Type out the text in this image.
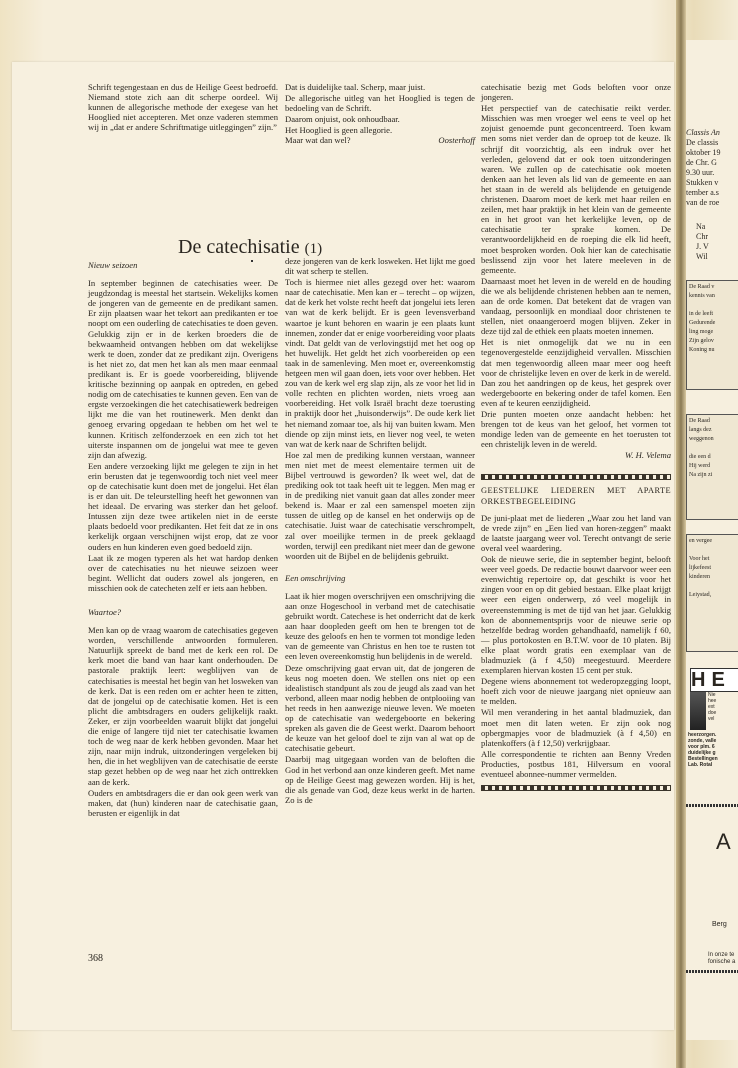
Schrift tegengestaan en dus de Heilige Geest bedroefd. Niemand stote zich aan dit scherpe oordeel. Wij kunnen de allegorische methode der exegese van het Hooglied niet accepteren. Met onze vaderen stemmen wij in „dat er andere Schriftmatige uitleggingen” zijn.”

Dat is duidelijke taal. Scherp, maar juist.

De allegorische uitleg van het Hooglied is tegen de bedoeling van de Schrift.

Daarom onjuist, ook onhoudbaar.

Het Hooglied is geen allegorie.

Maar wat dan wel?	Oosterhoff

De catechisatie (1)

Nieuw seizoen

In september beginnen de catechisaties weer. De jeugdzondag is meestal het startsein. Wekelijks komen de jongeren van de gemeente en de predikant samen. Er zijn plaatsen waar het tekort aan predikanten er toe noopt om een ouderling de catechisaties te doen geven. Gelukkig zijn er in de kerken broeders die de bekwaamheid ontvangen hebben om dat wekelijkse werk te doen, zonder dat ze predikant zijn. Overigens is het niet zo, dat men het kan als men maar eenmaal predikant is. Er is goede voorbereiding, blijvende kritische bezinning op aanpak en optreden, en gebed nodig om de catechisaties te kunnen geven. Een van de ergste verzoekingen die het catechisatiewerk bedreigen lijkt me die van het routinewerk. Men denkt dan genoeg ervaring opgedaan te hebben om het wel te kunnen. Kritisch zelfonderzoek en een zich tot het uiterste inspannen om de jongelui wat mee te geven zijn dan afwezig.

Een andere verzoeking lijkt me gelegen te zijn in het erin berusten dat je tegenwoordig toch niet veel meer op de catechisatie kunt doen met de jongelui. Het élan is er dan uit. De teleurstelling heeft het gewonnen van het ideaal. De ervaring was sterker dan het geloof. Intussen zijn deze twee artikelen niet in de eerste plaats bedoeld voor predikanten. Het feit dat ze in ons kerkelijk orgaan verschijnen wijst erop, dat ze voor ouders en hun kinderen even goed bedoeld zijn.

Laat ik ze mogen typeren als het wat hardop denken over de catechisaties nu het nieuwe seizoen weer begint. Wellicht dat ouders zowel als jongeren, en misschien ook de catecheten zelf er iets aan hebben.

Waartoe?

Men kan op de vraag waarom de catechisaties gegeven worden, verschillende antwoorden formuleren. Natuurlijk spreekt de band met de kerk een rol. De kerk moet die band van haar kant onderhouden. De pastorale praktijk leert: wegblijven van de catechisaties is meestal het begin van het losweken van de kerk. Dat is een reden om er achter heen te zitten, dat de jongelui op de catechisatie komen. Het is een plicht die ambtsdragers en ouders gelijkelijk raakt. Zeker, er zijn voorbeelden waaruit blijkt dat jongelui die enige of langere tijd niet ter catechisatie kwamen toch de weg naar de kerk hebben gevonden. Maar het zijn, naar mijn indruk, uitzonderingen vergeleken bij hen, die in het wegblijven van de catechisatie de eerste stap gezet hebben op de weg naar het zich onttrekken aan de kerk.

Ouders en ambtsdragers die er dan ook geen werk van maken, dat (hun) kinderen naar de catechisatie gaan, berusten er eigenlijk in dat

deze jongeren van de kerk losweken. Het lijkt me goed dit wat scherp te stellen.

Toch is hiermee niet alles gezegd over het: waarom naar de catechisatie. Men kan er – terecht – op wijzen, dat de kerk het volste recht heeft dat jongelui iets leren van wat de kerk belijdt. Er is geen levensverband waartoe je kunt behoren en waarin je een plaats kunt innemen, zonder dat er enige voorbereiding voor plaats vindt. Dat geldt van de verlovingstijd met het oog op het huwelijk. Het geldt het zich voorbereiden op een taak in de samenleving. Men moet er, overeenkomstig hetgeen men wil gaan doen, iets voor over hebben. Het zou van de kerk wel erg slap zijn, als ze voor het lid in volle rechten en plichten worden, niets vroeg aan voorbereiding. Het volk Israël bracht deze toerusting in praktijk door het „huisonderwijs”. De oude kerk liet het niemand zomaar toe, als hij van buiten kwam. Men diende op zijn minst iets, en liever nog veel, te weten van wat de kerk naar de Schriften belijdt.

Hoe zal men de prediking kunnen verstaan, wanneer men niet met de meest elementaire termen uit de Bijbel vertrouwd is geworden? Ik weet wel, dat de prediking ook tot taak heeft uit te leggen. Men mag er in de prediking niet vanuit gaan dat alles zonder meer bekend is. Maar er zal een samenspel moeten zijn tussen de uitleg op de kansel en het onderwijs op de catechisatie. Juist waar de catechisatie verschrompelt, zal over moeilijke termen in de preek geklaagd worden, terwijl een predikant niet meer dan de gewone woorden uit de Bijbel en de belijdenis gebruikt.

Een omschrijving

Laat ik hier mogen overschrijven een omschrijving die aan onze Hogeschool in verband met de catechisatie gebruikt wordt. Catechese is het onderricht dat de kerk aan haar doopleden geeft om hen te brengen tot de keuze des geloofs en hen te vormen tot mondige leden van de gemeente van Christus en hen toe te rusten tot een leven overeenkomstig hun belijdenis in de wereld.

Deze omschrijving gaat ervan uit, dat de jongeren de keus nog moeten doen. We stellen ons niet op een idealistisch standpunt als zou de jeugd als zaad van het verbond, alleen maar nodig hebben de ontplooiing van het reeds in hen aanwezige nieuwe leven. We moeten op de catechisatie van wedergeboorte en bekering spreken als gaven die de Geest werkt. Daarom behoort de keuze van het geloof doel te zijn van al wat op de catechisatie gebeurt.

Daarbij mag uitgegaan worden van de beloften die God in het verbond aan onze kinderen geeft. Met name op de Heilige Geest mag gewezen worden. Hij is het, die als genade van God, deze keus werkt in de harten. Zo is de

catechisatie bezig met Gods beloften voor onze jongeren.

Het perspectief van de catechisatie reikt verder. Misschien was men vroeger wel eens te veel op het zojuist genoemde punt geconcentreerd. Toen kwam men soms niet verder dan de oproep tot de keuze. Ik schrijf dit voorzichtig, als een indruk over het verleden, gelovend dat er ook toen uitzonderingen waren. We zullen op de catechisatie ook moeten denken aan het leven als lid van de gemeente en aan het staan in de wereld als belijdende en getuigende christenen. Daarom moet de kerk met haar reilen en zeilen, met haar praktijk in het klein van de gemeente en in het groot van het kerkelijke leven, op de catechisatie ter sprake komen. De verantwoordelijkheid en de roeping die elk lid heeft, moet besproken worden. Ook hier kan de catechisatie beslissend zijn voor het latere meeleven in de gemeente.

Daarnaast moet het leven in de wereld en de houding die we als belijdende christenen hebben aan te nemen, aan de orde komen. Dat betekent dat de vragen van vandaag, persoonlijk en mondiaal door christenen te stellen, niet onaangeroerd mogen blijven. Zeker in deze tijd zal de ethiek een plaats moeten innemen.

Het is niet onmogelijk dat we nu in een tegenovergestelde eenzijdigheid vervallen. Misschien dat men tegenwoordig alleen maar meer oog heeft voor de christelijke leven en over de kerk in de wereld. Dan zou het aandringen op de keus, het gesprek over wedergeboorte en bekering onder de tafel komen. Een even af te keuren eenzijdigheid.

Drie punten moeten onze aandacht hebben: het brengen tot de keus van het geloof, het vormen tot mondige leden van de gemeente en het toerusten tot een christelijk leven in de wereld.

W. H. Velema

GEESTELIJKE LIEDEREN MET APARTE ORKESTBEGELEIDING

De juni-plaat met de liederen „Waar zou het land van de vrede zijn” en „Een lied van horen-zeggen” maakt de laatste jaargang weer vol. Terecht ontvangt de serie overal veel waardering.

Ook de nieuwe serie, die in september begint, belooft weer veel goeds. De redactie bouwt daarvoor weer een evenwichtig repertoire op, dat geschikt is voor het zingen voor en op dit gebied bestaan. Elke plaat krijgt weer een eigen onderwerp, zó veel mogelijk in overeenstemming is met de tijd van het jaar. Gelukkig kon de abonnementsprijs voor de nieuwe serie op hetzelfde bedrag worden gehandhaafd, namelijk f 60,— plus portokosten en B.T.W. voor de 10 platen. Bij elke plaat wordt gratis een exemplaar van de bladmuziek (à f 4,50) meegestuurd. Meerdere exemplaren hiervan kosten 15 cent per stuk.

Degene wiens abonnement tot wederopzegging loopt, hoeft zich voor de nieuwe jaargang niet opnieuw aan te melden.

Wil men verandering in het aantal bladmuziek, dan moet men dit laten weten. Er zijn ook nog opbergmapjes voor de bladmuziek (à f 4,50) en platenkoffers (à f 12,50) verkrijgbaar.

Alle correspondentie te richten aan Benny Vreden Producties, postbus 181, Hilversum en vooral eventueel abonnee-nummer vermelden.

368
Classis An
De classis
oktober 19
de Chr. G
9.30 uur.
Stukken v
tember a.s
van de roe
Na
Chr
J. V
Wil
De Raad v
kennis van

in de leeft
Gedurende
ling moge
Zijn gelov
Koning nu
De Raad
langs dez
weggenon

die een d
Hij werd
Na zijn zi
en vergee

Voor het
lijkefeest
kinderen

Leiystad,
HE
Nie
hee
ext
doe
vel
heerzorgen.
zonde, valle
voor plm. 6
duidelijke g
Bestellingen
Lab. Rotal
A
Berg
In onze te
fonische a
